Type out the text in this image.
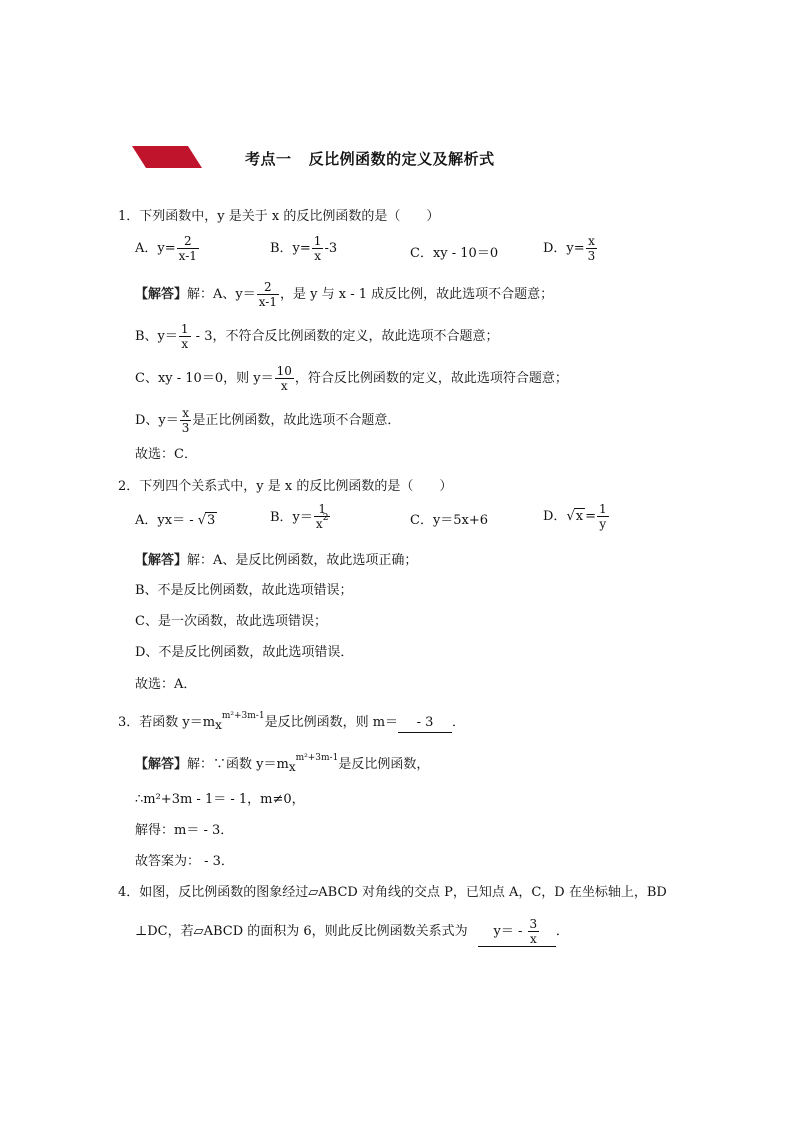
考点一   反比例函数的定义及解析式
1．下列函数中，y 是关于 x 的反比例函数的是（　　）
A．$y= \frac{2}{x-1}$	B．$y= \frac{1}{x} -3$	C．xy - 10＝0	D．$y= \frac{x}{3}$
【解答】解：A、$y= \frac{2}{x-1}$ ，是 y 与 x - 1 成反比例，故此选项不合题意；
B、$y= \frac{1}{x} - 3$，不符合反比例函数的定义，故此选项不合题意；
C、xy - 10＝0，则 $y= \frac{10}{x}$ ，符合反比例函数的定义，故此选项符合题意；
D、$y= \frac{x}{3}$ 是正比例函数，故此选项不合题意．
故选：C．
2．下列四个关系式中，y 是 x 的反比例函数的是（　　）
A．yx＝ - √3	B．$y= \frac{1}{x^2}$	C．y＝5x+6	D．$√x = \frac{1}{y}$
【解答】解：A、是反比例函数，故此选项正确；
B、不是反比例函数，故此选项错误；
C、是一次函数，故此选项错误；
D、不是反比例函数，故此选项错误．
故选：A．
3．若函数 $y=mx^{m^2+3m-1}$是反比例函数，则 m＝ - 3 ．
【解答】解：∵函数 $y=mx^{m^2+3m-1}$是反比例函数，
∴m²+3m - 1＝ - 1，m≠0，
解得：m＝ - 3．
故答案为： - 3．
4．如图，反比例函数的图象经过▱ABCD 对角线的交点 P，已知点 A，C，D 在坐标轴上，BD
⊥DC，若▱ABCD 的面积为 6，则此反比例函数关系式为 $y= - \frac{3}{x}$ ．
